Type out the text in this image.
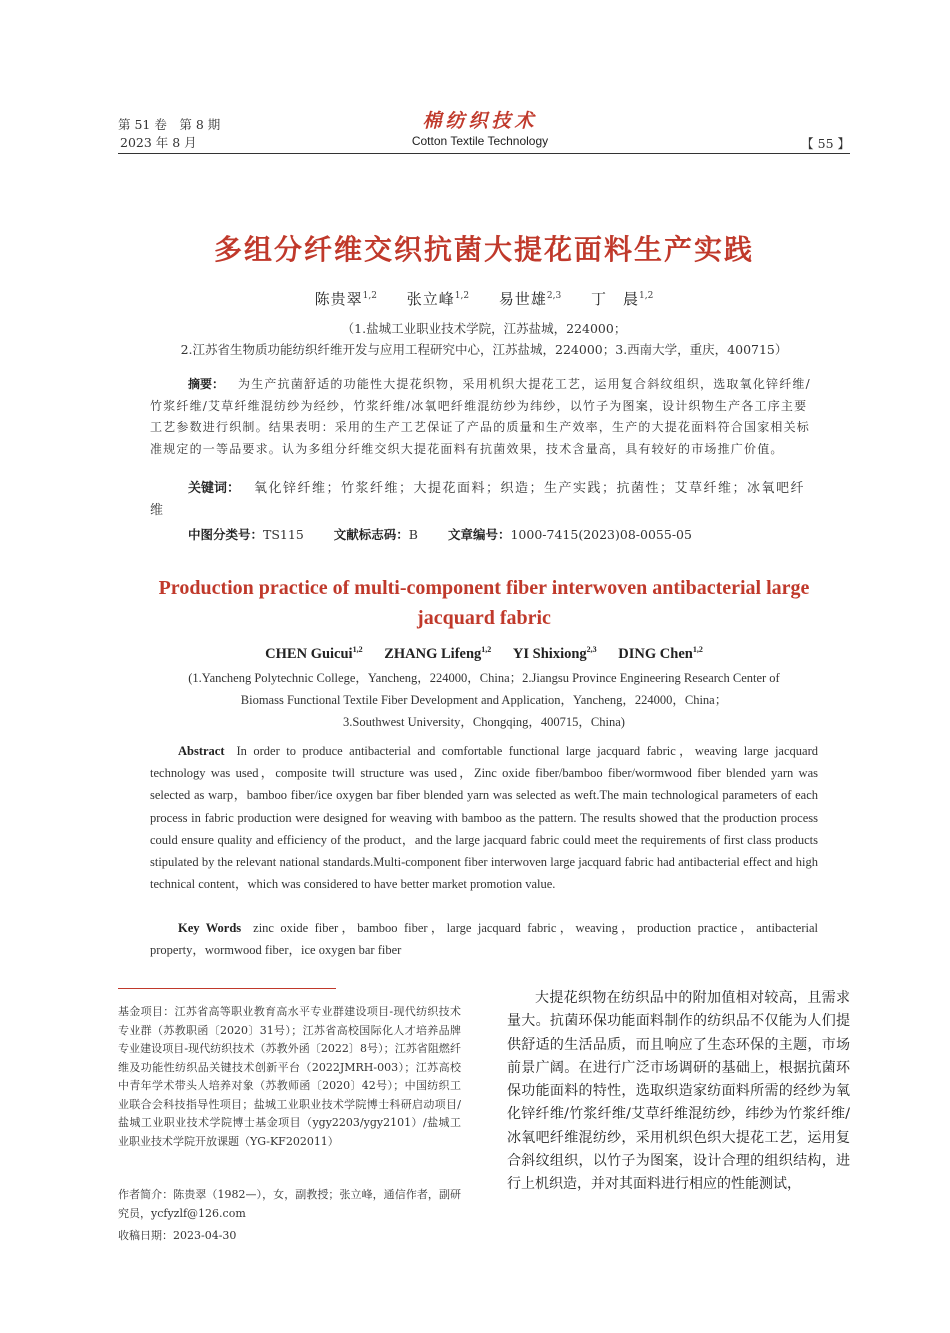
第 51 卷　第 8 期
2023 年 8 月
棉纺织技术
Cotton Textile Technology	【 55 】
多组分纤维交织抗菌大提花面料生产实践
陈贵翠$^{1,2}$ 张立峰$^{1,2}$ 易世雄$^{2,3}$ 丁　晨$^{1,2}$
（1.盐城工业职业技术学院，江苏盐城，224000；
2.江苏省生物质功能纺织纤维开发与应用工程研究中心，江苏盐城，224000；3.西南大学，重庆，400715）
摘要： 为生产抗菌舒适的功能性大提花织物，采用机织大提花工艺，运用复合斜纹组织，选取氧化锌纤维/竹浆纤维/艾草纤维混纺纱为经纱，竹浆纤维/冰氧吧纤维混纺纱为纬纱，以竹子为图案，设计织物生产各工序主要工艺参数进行织制。结果表明：采用的生产工艺保证了产品的质量和生产效率，生产的大提花面料符合国家相关标准规定的一等品要求。认为多组分纤维交织大提花面料有抗菌效果，技术含量高，具有较好的市场推广价值。
关键词： 氧化锌纤维；竹浆纤维；大提花面料；织造；生产实践；抗菌性；艾草纤维；冰氧吧纤维
中图分类号：TS115 文献标志码：B 文章编号：1000-7415(2023)08-0055-05
Production practice of multi-component fiber interwoven antibacterial large jacquard fabric
CHEN Guicui$^{1,2}$ ZHANG Lifeng$^{1,2}$ YI Shixiong$^{2,3}$ DING Chen$^{1,2}$
(1.Yancheng Polytechnic College，Yancheng，224000，China；2.Jiangsu Province Engineering Research Center of
Biomass Functional Textile Fiber Development and Application，Yancheng，224000，China；
3.Southwest University，Chongqing，400715，China)
Abstract In order to produce antibacterial and comfortable functional large jacquard fabric，weaving large jacquard technology was used，composite twill structure was used，Zinc oxide fiber/bamboo fiber/wormwood fiber blended yarn was selected as warp，bamboo fiber/ice oxygen bar fiber blended yarn was selected as weft.The main technological parameters of each process in fabric production were designed for weaving with bamboo as the pattern. The results showed that the production process could ensure quality and efficiency of the product，and the large jacquard fabric could meet the requirements of first class products stipulated by the relevant national standards.Multi-component fiber interwoven large jacquard fabric had antibacterial effect and high technical content，which was considered to have better market promotion value.
Key Words zinc oxide fiber，bamboo fiber，large jacquard fabric，weaving，production practice，antibacterial property，wormwood fiber，ice oxygen bar fiber
基金项目：江苏省高等职业教育高水平专业群建设项目-现代纺织技术专业群（苏教职函〔2020〕31号）；江苏省高校国际化人才培养品牌专业建设项目-现代纺织技术（苏教外函〔2022〕8号）；江苏省阻燃纤维及功能性纺织品关键技术创新平台（2022JMRH-003）；江苏高校中青年学术带头人培养对象（苏教师函〔2020〕42号）；中国纺织工业联合会科技指导性项目；盐城工业职业技术学院博士科研启动项目/盐城工业职业技术学院博士基金项目（ygy2203/ygy2101）/盐城工业职业技术学院开放课题（YG-KF202011）
作者简介：陈贵翠（1982—），女，副教授；张立峰，通信作者，副研究员，ycfyzlf@126.com
收稿日期：2023-04-30
大提花织物在纺织品中的附加值相对较高，且需求量大。抗菌环保功能面料制作的纺织品不仅能为人们提供舒适的生活品质，而且响应了生态环保的主题，市场前景广阔。在进行广泛市场调研的基础上，根据抗菌环保功能面料的特性，选取织造家纺面料所需的经纱为氧化锌纤维/竹浆纤维/艾草纤维混纺纱，纬纱为竹浆纤维/冰氧吧纤维混纺纱，采用机织色织大提花工艺，运用复合斜纹组织，以竹子为图案，设计合理的组织结构，进行上机织造，并对其面料进行相应的性能测试，
